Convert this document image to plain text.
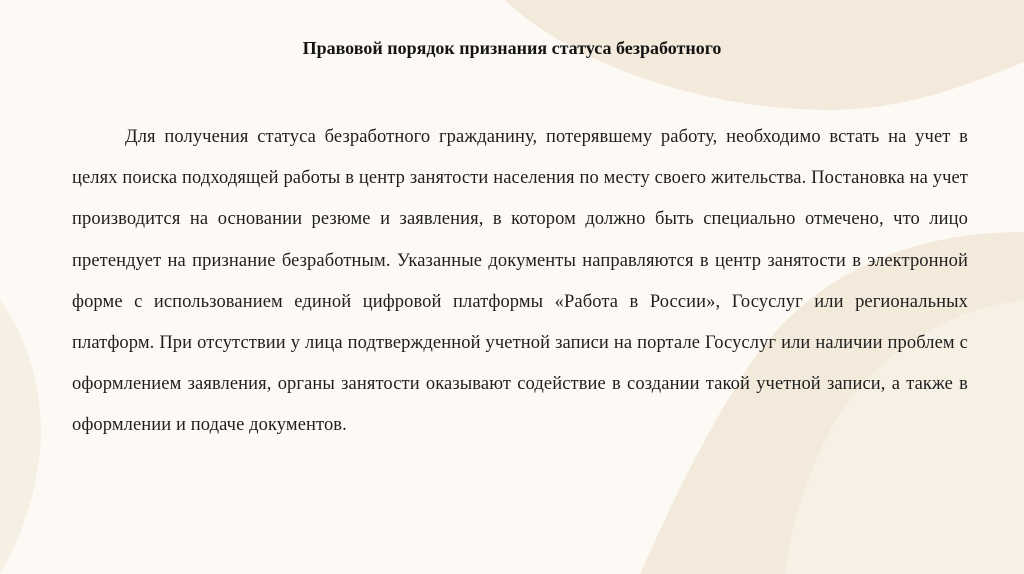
Правовой порядок признания статуса безработного

Для получения статуса безработного гражданину, потерявшему работу, необходимо встать на учет в целях поиска подходящей работы в центр занятости населения по месту своего жительства. Постановка на учет производится на основании резюме и заявления, в котором должно быть специально отмечено, что лицо претендует на признание безработным. Указанные документы направляются в центр занятости в электронной форме с использованием единой цифровой платформы «Работа в России», Госуслуг или региональных платформ. При отсутствии у лица подтвержденной учетной записи на портале Госуслуг или наличии проблем с оформлением заявления, органы занятости оказывают содействие в создании такой учетной записи, а также в оформлении и подаче документов.
